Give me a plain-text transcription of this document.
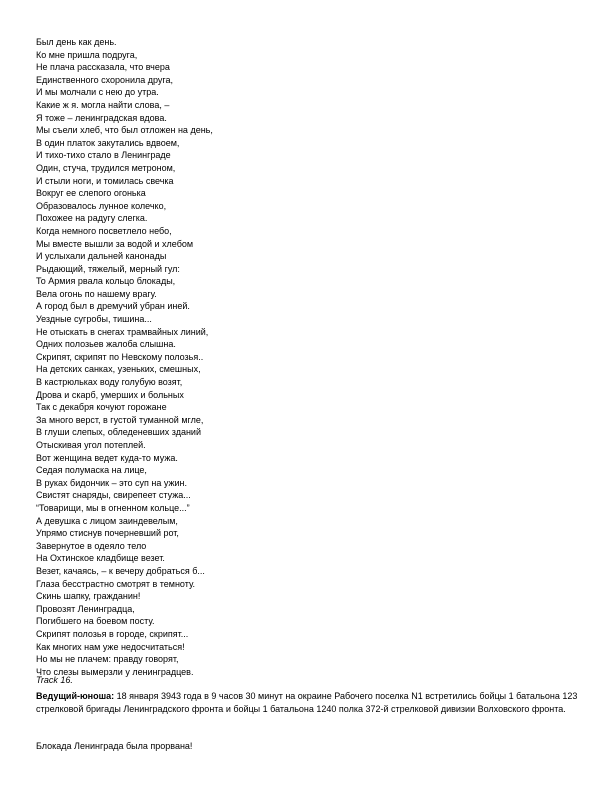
Был день как день.
Ко мне пришла подруга,
Не плача рассказала, что вчера
Единственного схоронила друга,
И мы молчали с нею до утра.
Какие ж я. могла найти слова, –
Я тоже – ленинградская вдова.
Мы съели хлеб, что был отложен на день,
В один платок закутались вдвоем,
И тихо-тихо стало в Ленинграде
Один, стуча, трудился метроном,
И стыли ноги, и томилась свечка
Вокруг ее слепого огонька
Образовалось лунное колечко,
Похожее на радугу слегка.
Когда немного посветлело небо,
Мы вместе вышли за водой и хлебом
И услыхали дальней канонады
Рыдающий, тяжелый, мерный гул:
То Армия рвала кольцо блокады,
Вела огонь по нашему врагу.
А город был в дремучий убран иней.
Уездные сугробы, тишина...
Не отыскать в снегах трамвайных линий,
Одних полозьев жалоба слышна.
Скрипят, скрипят по Невскому полозья..
На детских санках, узеньких, смешных,
В кастрюльках воду голубую возят,
Дрова и скарб, умерших и больных
Так с декабря кочуют горожане
За много верст, в густой туманной мгле,
В глуши слепых, обледеневших зданий
Отыскивая угол потеплей.
Вот женщина ведет куда-то мужа.
Седая полумаска на лице,
В руках бидончик – это суп на ужин.
Свистят снаряды, свирепеет стужа...
“Товарищи, мы в огненном кольце...”
А девушка с лицом заиндевелым,
Упрямо стиснув почерневший рот,
Завернутое в одеяло тело
На Охтинское кладбище везет.
Везет, качаясь, – к вечеру добраться б...
Глаза бесстрастно смотрят в темноту.
Скинь шапку, гражданин!
Провозят Ленинградца,
Погибшего на боевом посту.
Скрипят полозья в городе, скрипят...
Как многих нам уже недосчитаться!
Но мы не плачем: правду говорят,
Что слезы вымерзли у ленинградцев.
Track 16.
Ведущий-юноша: 18 января 3943 года в 9 часов 30 минут на окраине Рабочего поселка N1 встретились бойцы 1 батальона 123 стрелковой бригады Ленинградского фронта и бойцы 1 батальона 1240 полка 372-й стрелковой дивизии Волховского фронта.
Блокада Ленинграда была прорвана!
